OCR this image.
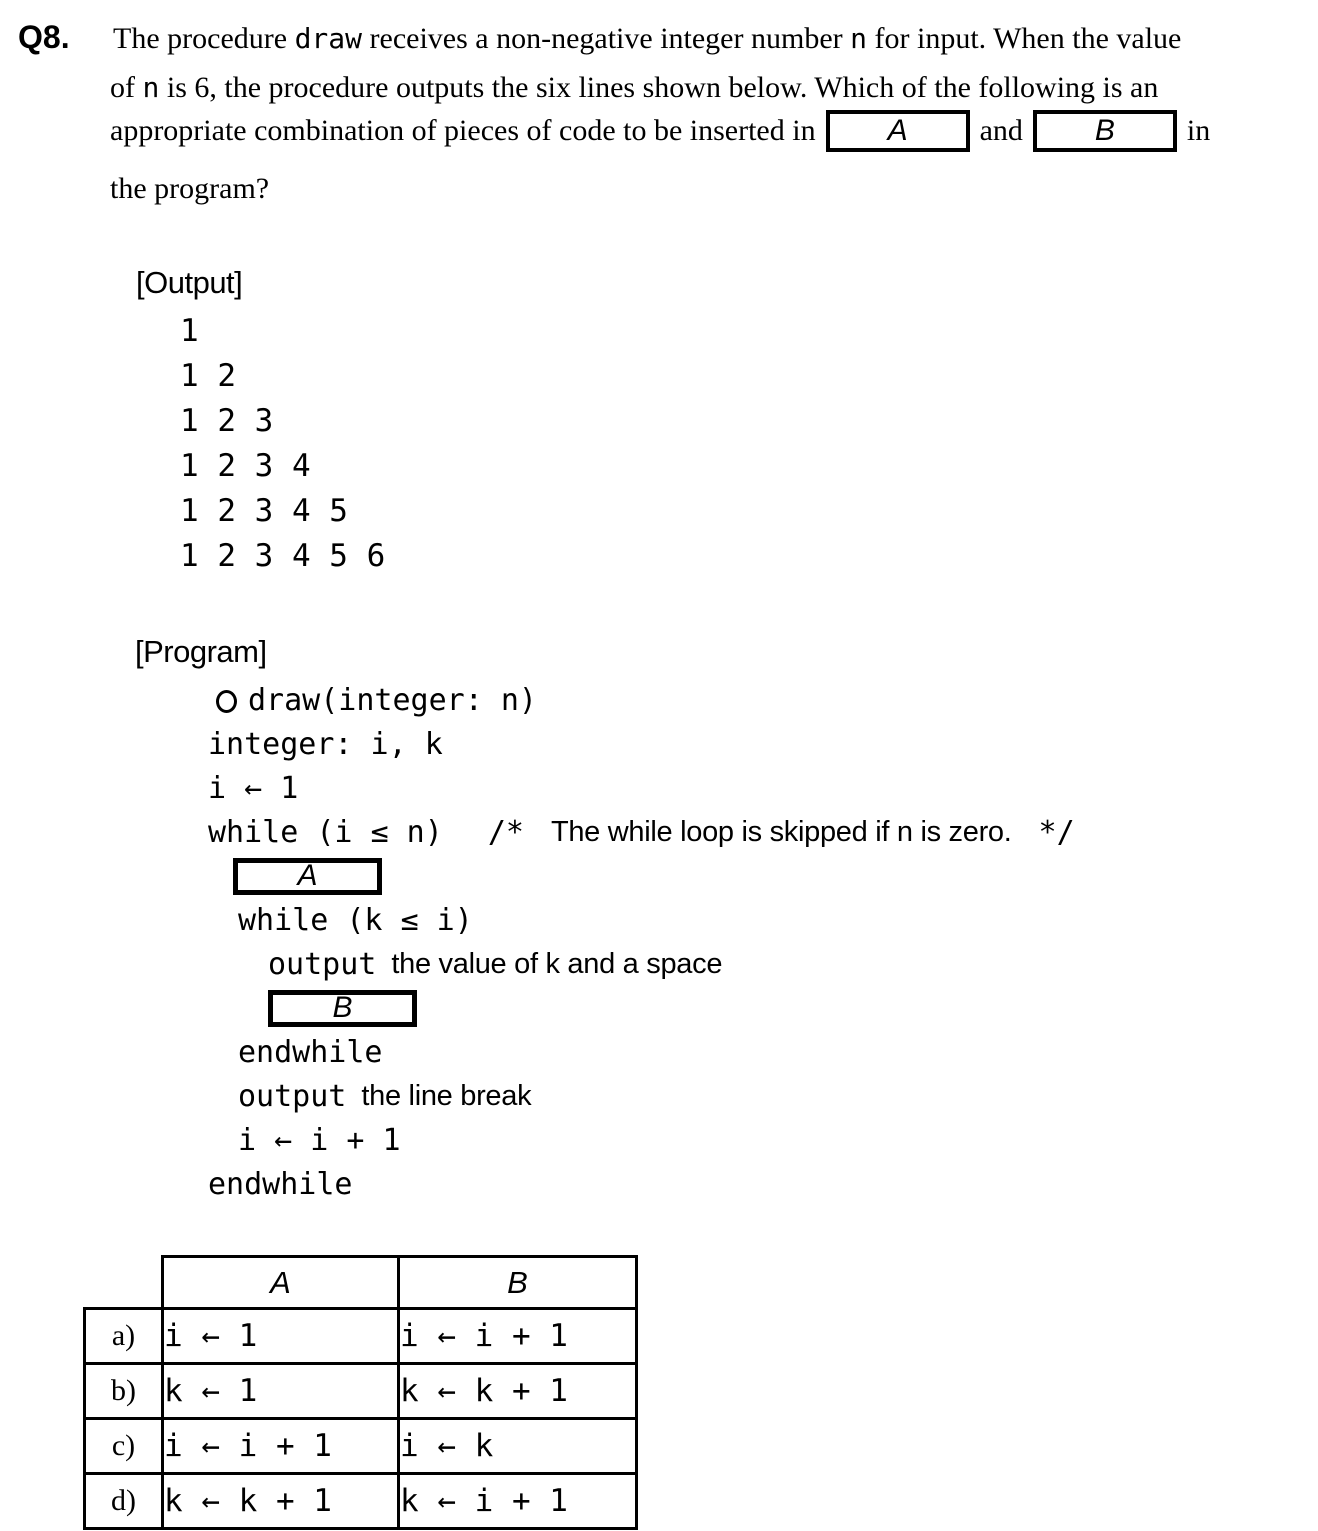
Q8. The procedure draw receives a non-negative integer number n for input. When the value
of n is 6, the procedure outputs the six lines shown below. Which of the following is an
appropriate combination of pieces of code to be inserted in A and B in
the program?
[Output]
1
1 2
1 2 3
1 2 3 4
1 2 3 4 5
1 2 3 4 5 6
[Program]
draw(integer: n)
integer: i, k
i ← 1
while (i ≤ n) /* The while loop is skipped if n is zero. */
A
while (k ≤ i)
output the value of k and a space
B
endwhile
output the line break
i ← i + 1
endwhile
	A	B
a)	i ← 1	i ← i + 1
b)	k ← 1	k ← k + 1
c)	i ← i + 1	i ← k
d)	k ← k + 1	k ← i + 1
